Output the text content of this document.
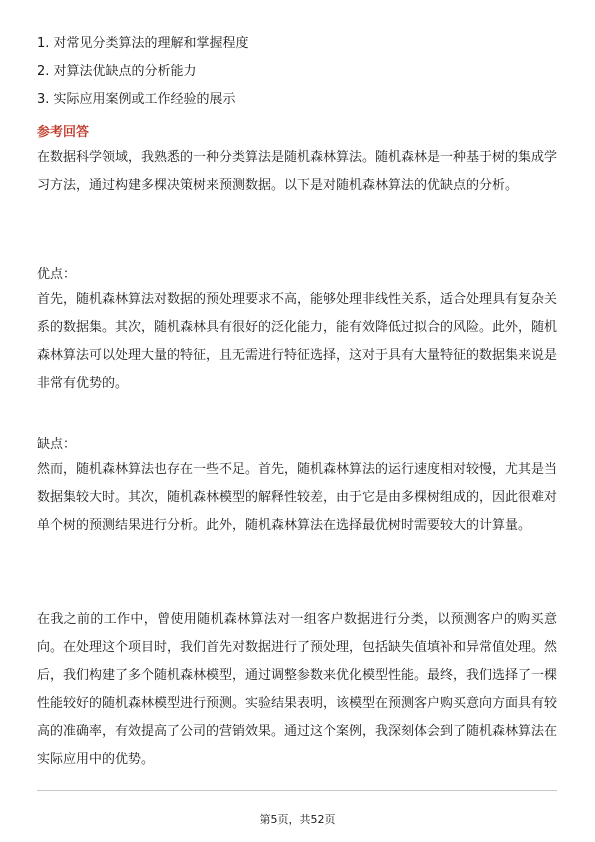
1. 对常见分类算法的理解和掌握程度
2. 对算法优缺点的分析能力
3. 实际应用案例或工作经验的展示
参考回答
在数据科学领域，我熟悉的一种分类算法是随机森林算法。随机森林是一种基于树的集成学习方法，通过构建多棵决策树来预测数据。以下是对随机森林算法的优缺点的分析。
优点：
首先，随机森林算法对数据的预处理要求不高，能够处理非线性关系，适合处理具有复杂关系的数据集。其次，随机森林具有很好的泛化能力，能有效降低过拟合的风险。此外，随机森林算法可以处理大量的特征，且无需进行特征选择，这对于具有大量特征的数据集来说是非常有优势的。
缺点：
然而，随机森林算法也存在一些不足。首先，随机森林算法的运行速度相对较慢，尤其是当数据集较大时。其次，随机森林模型的解释性较差，由于它是由多棵树组成的，因此很难对单个树的预测结果进行分析。此外，随机森林算法在选择最优树时需要较大的计算量。
在我之前的工作中，曾使用随机森林算法对一组客户数据进行分类，以预测客户的购买意向。在处理这个项目时，我们首先对数据进行了预处理，包括缺失值填补和异常值处理。然后，我们构建了多个随机森林模型，通过调整参数来优化模型性能。最终，我们选择了一棵性能较好的随机森林模型进行预测。实验结果表明，该模型在预测客户购买意向方面具有较高的准确率，有效提高了公司的营销效果。通过这个案例，我深刻体会到了随机森林算法在实际应用中的优势。
第5页，共52页
